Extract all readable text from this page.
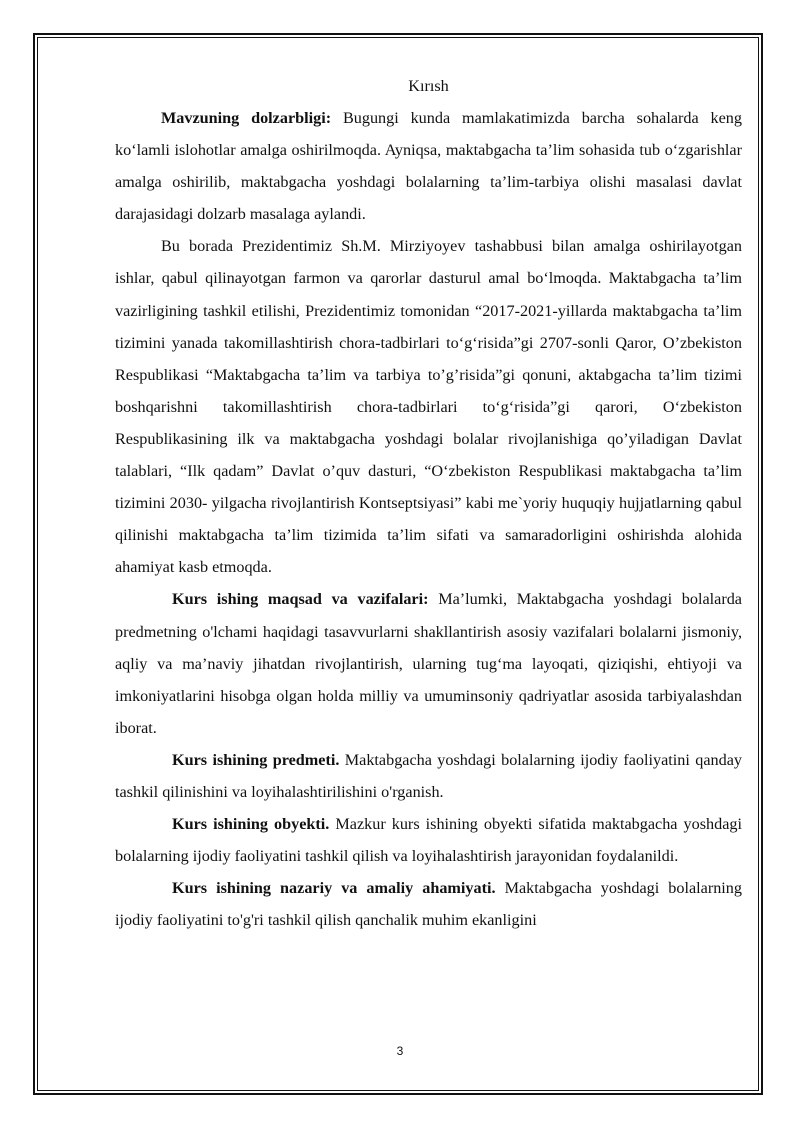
Kırısh

Mavzuning dolzarbligi: Bugungi kunda mamlakatimizda barcha sohalarda keng ko‘lamli islohotlar amalga oshirilmoqda. Ayniqsa, maktabgacha ta’lim sohasida tub o‘zgarishlar amalga oshirilib, maktabgacha yoshdagi bolalarning ta’lim-tarbiya olishi masalasi davlat darajasidagi dolzarb masalaga aylandi.

Bu borada Prezidentimiz Sh.M. Mirziyoyev tashabbusi bilan amalga oshirilayotgan ishlar, qabul qilinayotgan farmon va qarorlar dasturul amal bo‘lmoqda. Maktabgacha ta’lim vazirligining tashkil etilishi, Prezidentimiz tomonidan “2017-2021-yillarda maktabgacha ta’lim tizimini yanada takomillashtirish chora-tadbirlari to‘g‘risida”gi 2707-sonli Qaror, O’zbekiston Respublikasi “Maktabgacha ta’lim va tarbiya to’g’risida”gi qonuni, aktabgacha ta’lim tizimi boshqarishni takomillashtirish chora-tadbirlari to‘g‘risida”gi qarori, O‘zbekiston Respublikasining ilk va maktabgacha yoshdagi bolalar rivojlanishiga qo’yiladigan Davlat talablari, “Ilk qadam” Davlat o’quv dasturi, “O‘zbekiston Respublikasi maktabgacha ta’lim tizimini 2030- yilgacha rivojlantirish Kontseptsiyasi” kabi me`yoriy huquqiy hujjatlarning qabul qilinishi maktabgacha ta’lim tizimida ta’lim sifati va samaradorligini oshirishda alohida ahamiyat kasb etmoqda.

Kurs ishing maqsad va vazifalari: Ma’lumki, Maktabgacha yoshdagi bolalarda predmetning o'lchami haqidagi tasavvurlarni shakllantirish asosiy vazifalari bolalarni jismoniy, aqliy va ma’naviy jihatdan rivojlantirish, ularning tug‘ma layoqati, qiziqishi, ehtiyoji va imkoniyatlarini hisobga olgan holda milliy va umuminsoniy qadriyatlar asosida tarbiyalashdan iborat.

Kurs ishining predmeti. Maktabgacha yoshdagi bolalarning ijodiy faoliyatini qanday tashkil qilinishini va loyihalashtirilishini o'rganish.

Kurs ishining obyekti. Mazkur kurs ishining obyekti sifatida maktabgacha yoshdagi bolalarning ijodiy faoliyatini tashkil qilish va loyihalashtirish jarayonidan foydalanildi.

Kurs ishining nazariy va amaliy ahamiyati. Maktabgacha yoshdagi bolalarning ijodiy faoliyatini to'g'ri tashkil qilish qanchalik muhim ekanligini

3
